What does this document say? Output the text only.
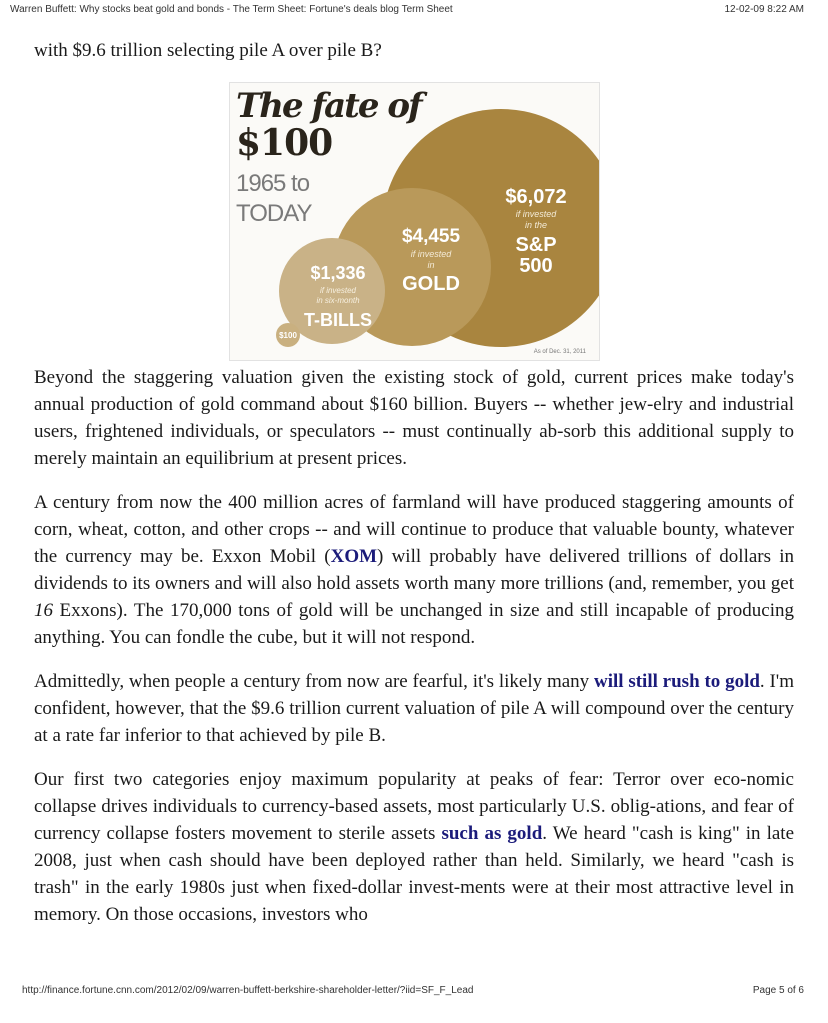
Warren Buffett: Why stocks beat gold and bonds - The Term Sheet: Fortune's deals blog Term Sheet	12-02-09 8:22 AM
The fate of
$100
1965 to
TODAY
$6,072
if invested
in the
S&P
500
$4,455
if invested
in
GOLD
$1,336
if invested
in six-month
T-BILLS
$100
As of Dec. 31, 2011

with $9.6 trillion selecting pile A over pile B?

Beyond the staggering valuation given the existing stock of gold, current prices make today's annual production of gold command about $160 billion. Buyers -- whether jew-elry and industrial users, frightened individuals, or speculators -- must continually ab-sorb this additional supply to merely maintain an equilibrium at present prices.

A century from now the 400 million acres of farmland will have produced staggering amounts of corn, wheat, cotton, and other crops -- and will continue to produce that valuable bounty, whatever the currency may be. Exxon Mobil (XOM) will probably have delivered trillions of dollars in dividends to its owners and will also hold assets worth many more trillions (and, remember, you get 16 Exxons). The 170,000 tons of gold will be unchanged in size and still incapable of producing anything. You can fondle the cube, but it will not respond.

Admittedly, when people a century from now are fearful, it's likely many will still rush to gold. I'm confident, however, that the $9.6 trillion current valuation of pile A will compound over the century at a rate far inferior to that achieved by pile B.

Our first two categories enjoy maximum popularity at peaks of fear: Terror over eco-nomic collapse drives individuals to currency-based assets, most particularly U.S. oblig-ations, and fear of currency collapse fosters movement to sterile assets such as gold. We heard "cash is king" in late 2008, just when cash should have been deployed rather than held. Similarly, we heard "cash is trash" in the early 1980s just when fixed-dollar invest-ments were at their most attractive level in memory. On those occasions, investors who

http://finance.fortune.cnn.com/2012/02/09/warren-buffett-berkshire-shareholder-letter/?iid=SF_F_Lead	Page 5 of 6
